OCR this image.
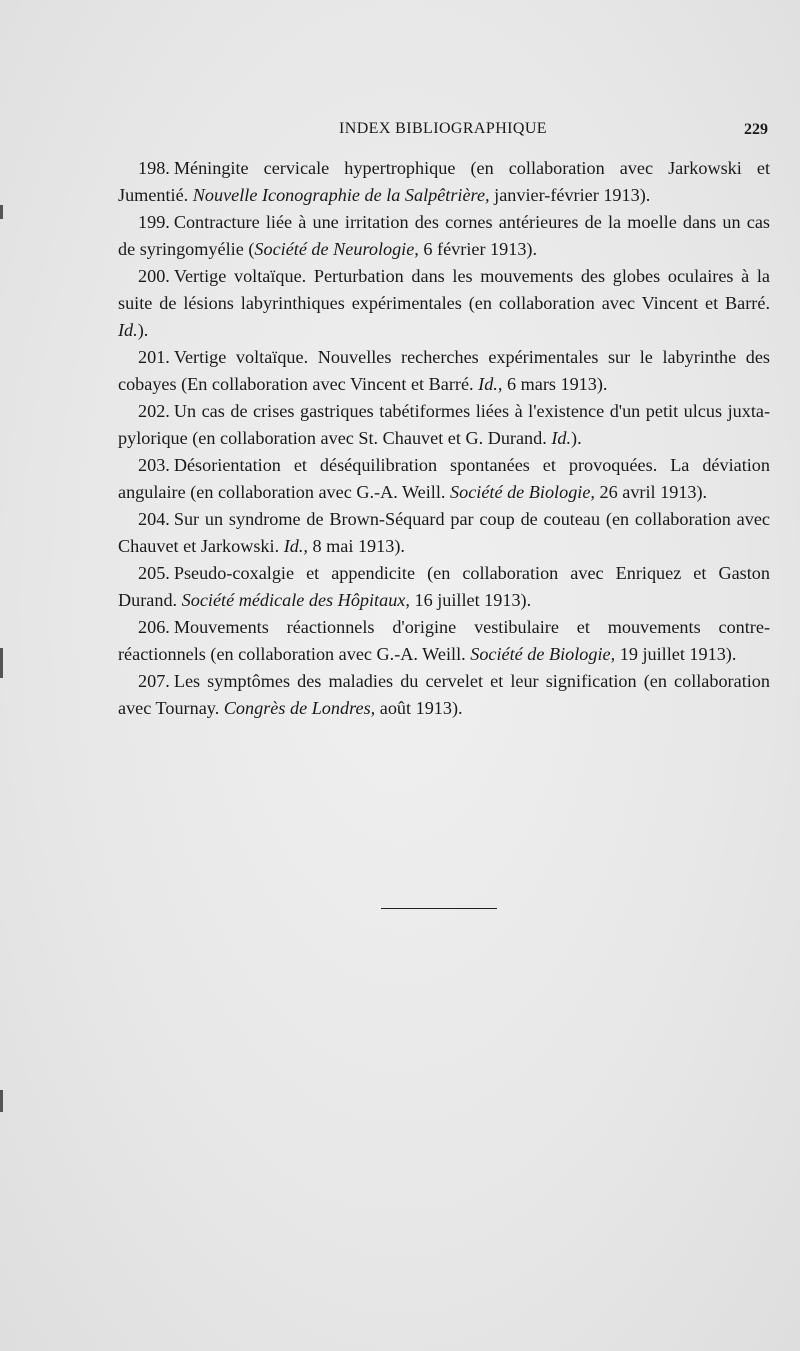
INDEX BIBLIOGRAPHIQUE	229

198. Méningite cervicale hypertrophique (en collaboration avec Jarkowski et Jumentié. Nouvelle Iconographie de la Salpêtrière, janvier-février 1913).

199. Contracture liée à une irritation des cornes antérieures de la moelle dans un cas de syringomyélie (Société de Neurologie, 6 février 1913).

200. Vertige voltaïque. Perturbation dans les mouvements des globes oculaires à la suite de lésions labyrinthiques expérimentales (en collaboration avec Vincent et Barré. Id.).

201. Vertige voltaïque. Nouvelles recherches expérimentales sur le labyrinthe des cobayes (En collaboration avec Vincent et Barré. Id., 6 mars 1913).

202. Un cas de crises gastriques tabétiformes liées à l'existence d'un petit ulcus juxta-pylorique (en collaboration avec St. Chauvet et G. Durand. Id.).

203. Désorientation et déséquilibration spontanées et provoquées. La déviation angulaire (en collaboration avec G.-A. Weill. Société de Biologie, 26 avril 1913).

204. Sur un syndrome de Brown-Séquard par coup de couteau (en collaboration avec Chauvet et Jarkowski. Id., 8 mai 1913).

205. Pseudo-coxalgie et appendicite (en collaboration avec Enriquez et Gaston Durand. Société médicale des Hôpitaux, 16 juillet 1913).

206. Mouvements réactionnels d'origine vestibulaire et mouvements contre-réactionnels (en collaboration avec G.-A. Weill. Société de Biologie, 19 juillet 1913).

207. Les symptômes des maladies du cervelet et leur signification (en collaboration avec Tournay. Congrès de Londres, août 1913).
